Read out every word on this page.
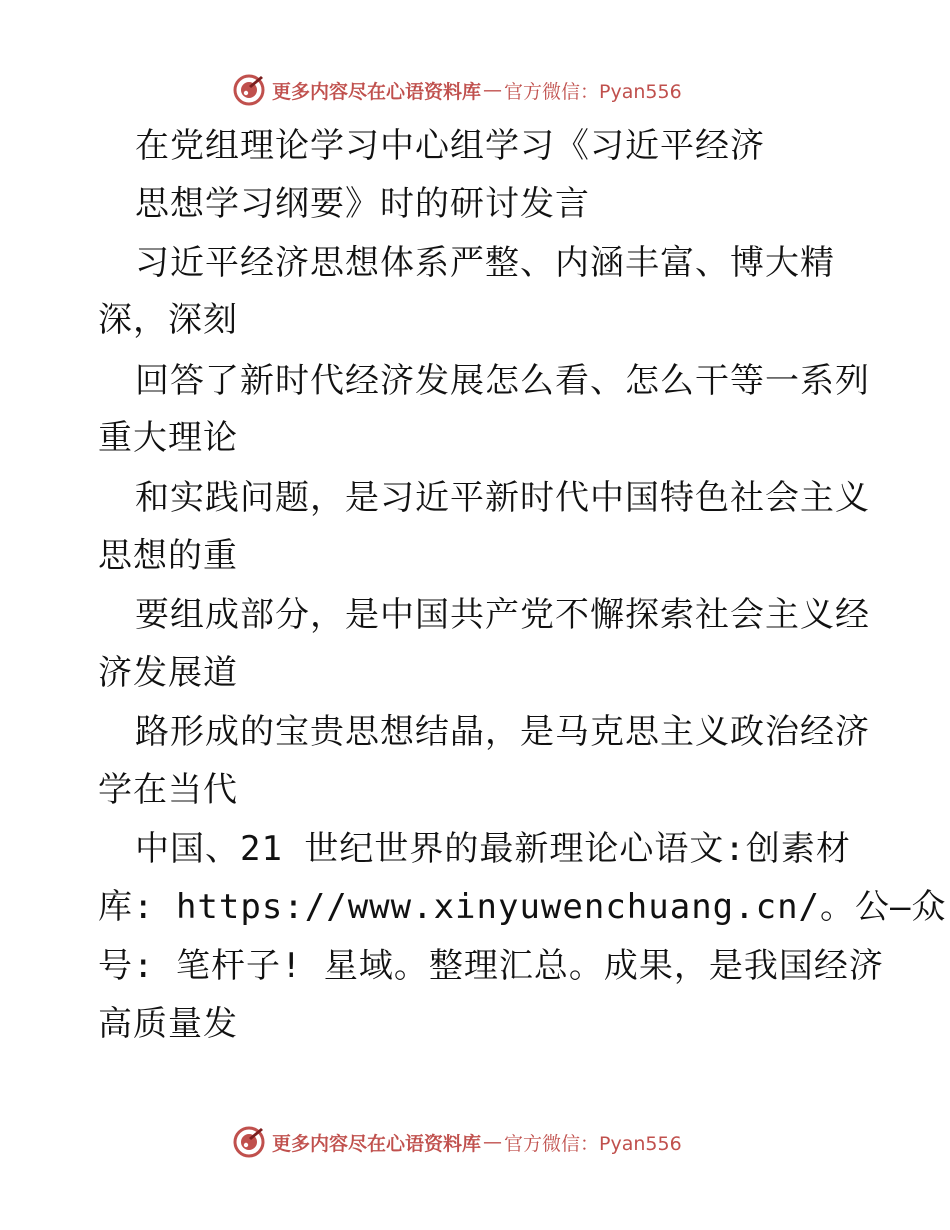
更多内容尽在心语资料库 — 官方微信：Pyan556
在党组理论学习中心组学习《习近平经济
思想学习纲要》时的研讨发言
习近平经济思想体系严整、内涵丰富、博大精
深，深刻
回答了新时代经济发展怎么看、怎么干等一系列
重大理论
和实践问题，是习近平新时代中国特色社会主义
思想的重
要组成部分，是中国共产党不懈探索社会主义经
济发展道
路形成的宝贵思想结晶，是马克思主义政治经济
学在当代
中国、21 世纪世界的最新理论心语文:创素材
库: https://www.xinyuwenchuang.cn/。公—众
号: 笔杆子! 星域。整理汇总。成果，是我国经济
高质量发
更多内容尽在心语资料库 — 官方微信：Pyan556
